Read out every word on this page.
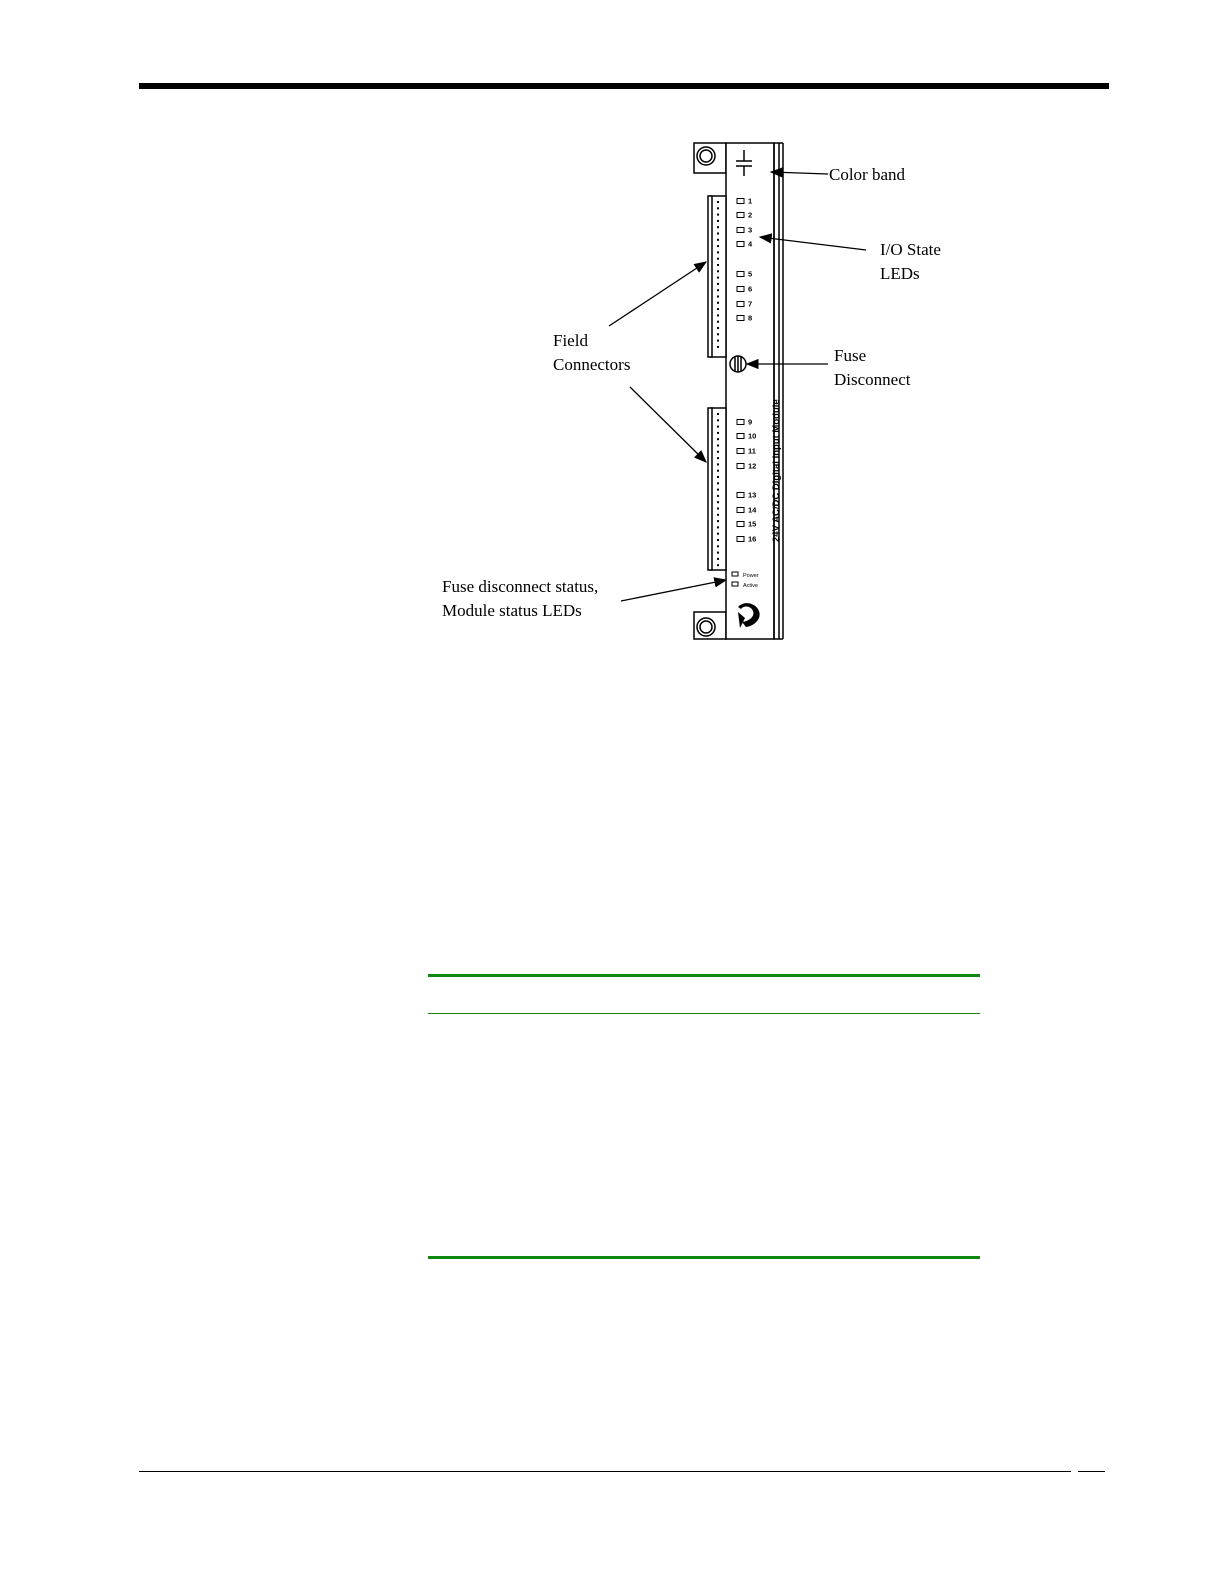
1
2
3
4
5
6
7
8
9
10
11
12
13
14
15
16 24V AC/DC Digital Input Module
Power
Active
Color band
I/O State
LEDs
Field
Connectors	Fuse
Disconnect
Fuse disconnect status,
Module status LEDs
